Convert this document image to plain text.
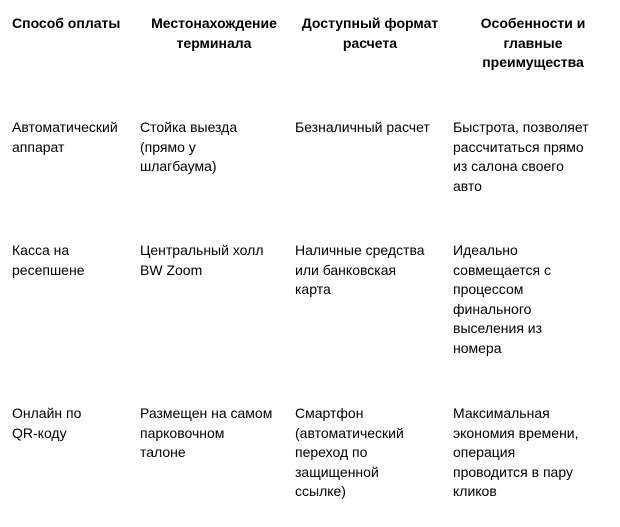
Способ оплаты	Местонахождение
терминала
Доступный формат
расчета
Особенности и
главные
преимущества
Автоматический
аппарат
Стойка выезда
(прямо у
шлагбаума)
Безналичный расчет	Быстрота, позволяет
рассчитаться прямо
из салона своего
авто
Касса на
ресепшене
Центральный холл
BW Zoom
Наличные средства
или банковская
карта
Идеально
совмещается с
процессом
финального
выселения из
номера
Онлайн по
QR-коду
Размещен на самом
парковочном
талоне
Смартфон
(автоматический
переход по
защищенной
ссылке)
Максимальная
экономия времени,
операция
проводится в пару
кликов
